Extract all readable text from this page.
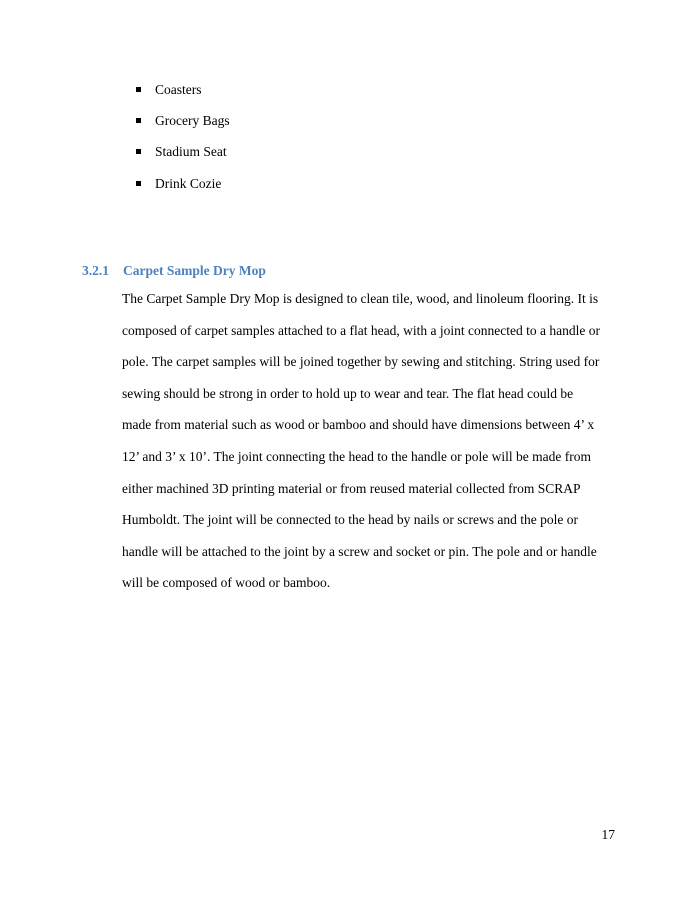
Coasters
Grocery Bags
Stadium Seat
Drink Cozie
3.2.1 Carpet Sample Dry Mop
The Carpet Sample Dry Mop is designed to clean tile, wood, and linoleum flooring. It is
composed of carpet samples attached to a flat head, with a joint connected to a handle or
pole. The carpet samples will be joined together by sewing and stitching. String used for
sewing should be strong in order to hold up to wear and tear. The flat head could be
made from material such as wood or bamboo and should have dimensions between 4’ x
12’ and 3’ x 10’. The joint connecting the head to the handle or pole will be made from
either machined 3D printing material or from reused material collected from SCRAP
Humboldt. The joint will be connected to the head by nails or screws and the pole or
handle will be attached to the joint by a screw and socket or pin. The pole and or handle
will be composed of wood or bamboo.
17
